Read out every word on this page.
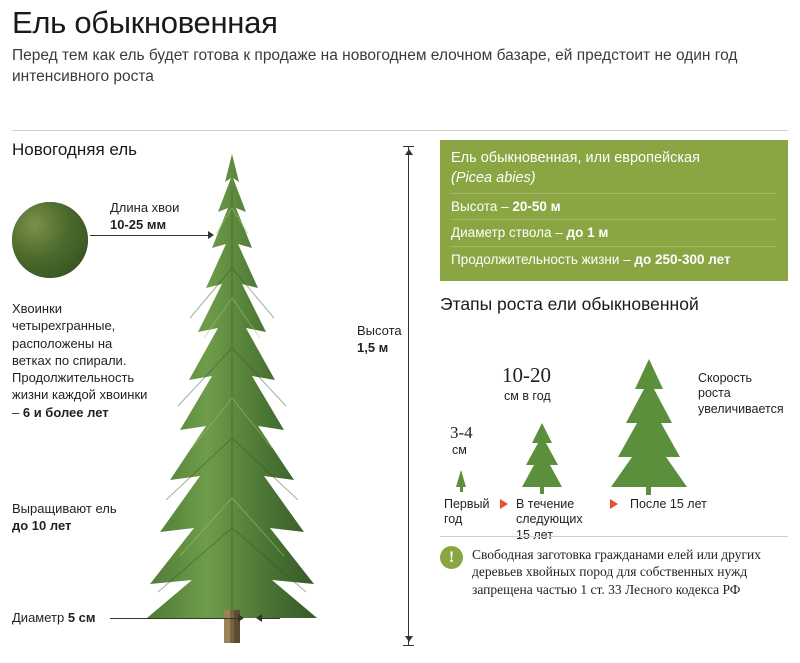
Ель обыкновенная

Перед тем как ель будет готова к продаже на новогоднем елочном базаре, ей предстоит не один год интенсивного роста

Новогодняя ель
Длина хвои
10-25 мм
Хвоинки четырехгранные, расположены на ветках по спирали. Продолжительность жизни каждой хвоинки – 6 и более лет
Выращивают ель
до 10 лет
Диаметр 5 см
Высота
1,5 м
Ель обыкновенная, или европейская
(Picea abies)
Высота – 20-50 м
Диаметр ствола – до 1 м
Продолжительность жизни – до 250-300 лет
Этапы роста ели обыкновенной
3-4
см
10-20
см в год
Скорость роста увеличивается
Первый год
В течение следующих 15 лет
После 15 лет
!	Свободная заготовка гражданами елей или других деревьев хвойных пород для собственных нужд запрещена частью 1 ст. 33 Лесного кодекса РФ
